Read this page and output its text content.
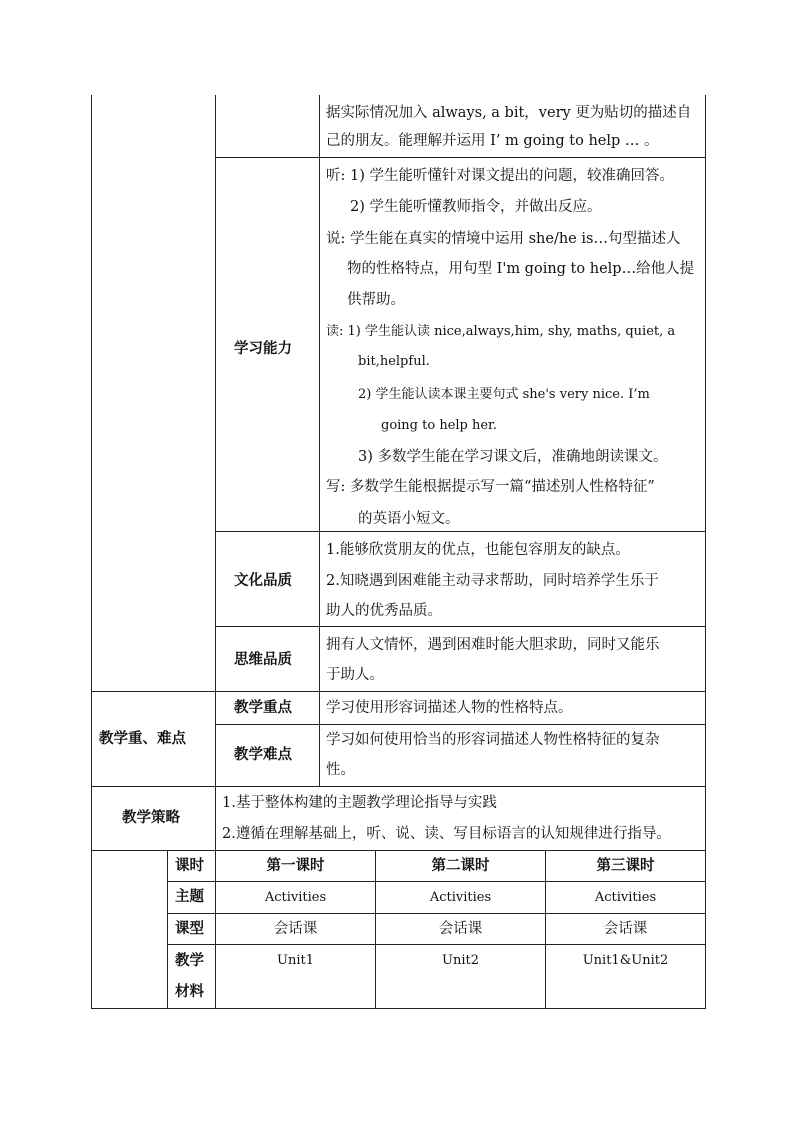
据实际情况加入 always, a bit，very 更为贴切的描述自
己的朋友。能理解并运用 I’ m going to help … 。
学习能力
听: 1) 学生能听懂针对课文提出的问题，较准确回答。
2) 学生能听懂教师指令，并做出反应。
说: 学生能在真实的情境中运用 she/he is…句型描述人
物的性格特点，用句型 I'm going to help…给他人提
供帮助。
读: 1) 学生能认读 nice,always,him, shy, maths, quiet, a
bit,helpful.
2) 学生能认读本课主要句式 she's very nice. I’m
going to help her.
3) 多数学生能在学习课文后，准确地朗读课文。
写: 多数学生能根据提示写一篇“描述别人性格特征”
的英语小短文。
文化品质
1.能够欣赏朋友的优点，也能包容朋友的缺点。
2.知晓遇到困难能主动寻求帮助，同时培养学生乐于
助人的优秀品质。
思维品质
拥有人文情怀，遇到困难时能大胆求助，同时又能乐
于助人。
教学重、难点
教学重点 学习使用形容词描述人物的性格特点。
教学难点
学习如何使用恰当的形容词描述人物性格特征的复杂
性。
教学策略
1.基于整体构建的主题教学理论指导与实践
2.遵循在理解基础上，听、说、读、写目标语言的认知规律进行指导。
课时
主题
课型
教学
材料
第一课时
Activities
会话课
Unit1
第二课时
Activities
会话课
Unit2
第三课时
Activities
会话课
Unit1&Unit2
